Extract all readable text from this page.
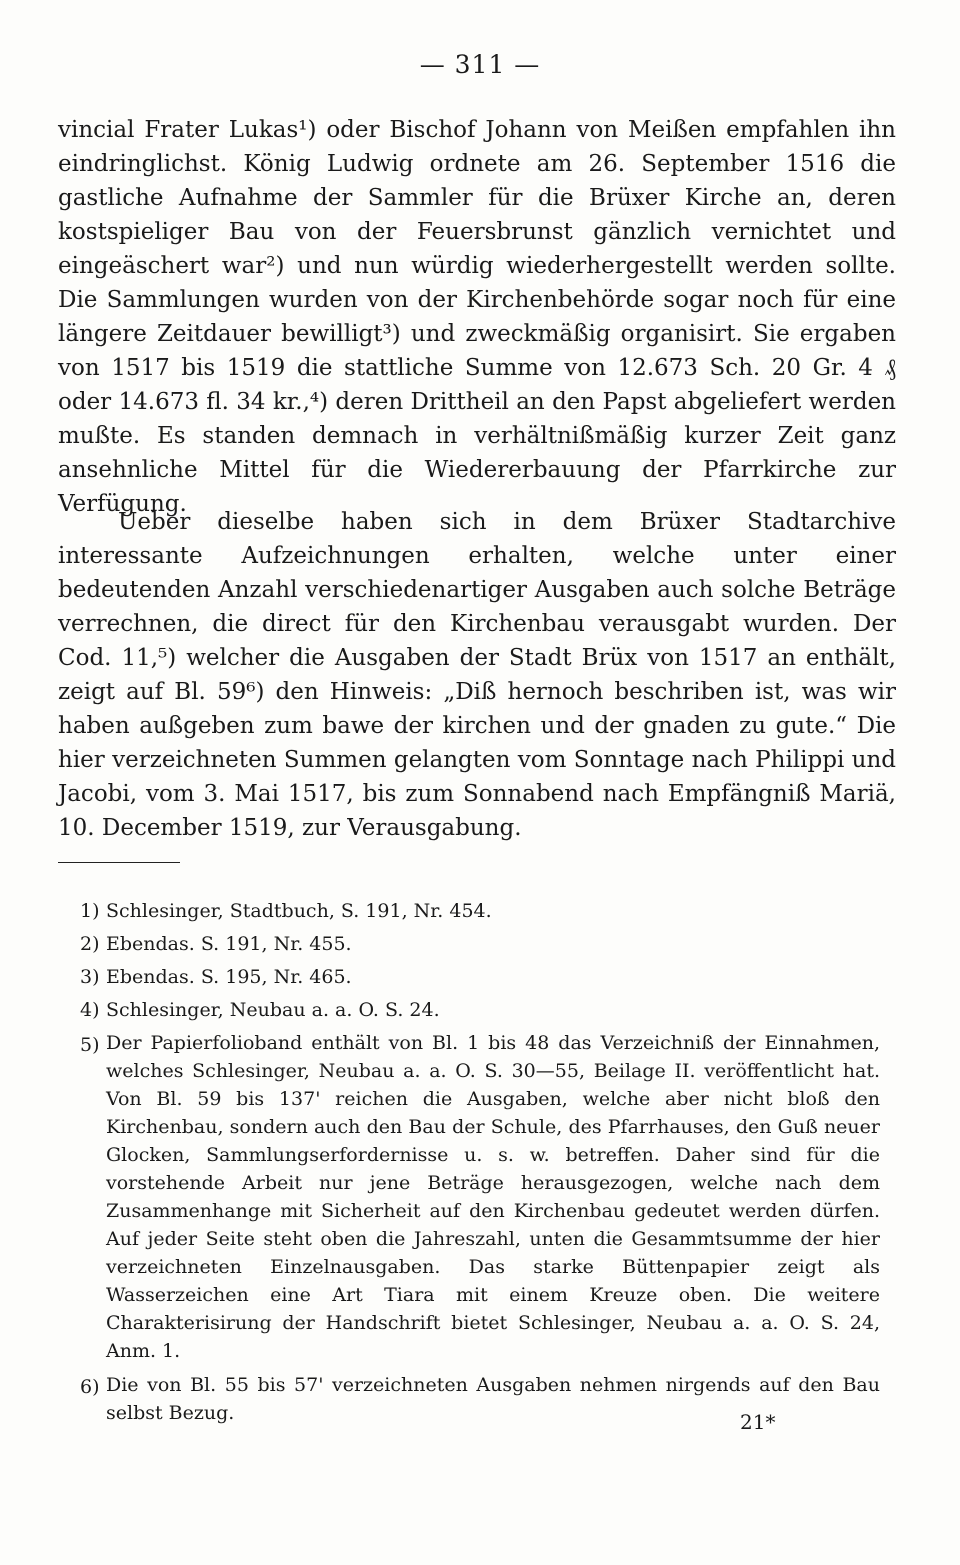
— 311 —

vincial Frater Lukas¹) oder Bischof Johann von Meißen empfahlen ihn eindringlichst. König Ludwig ordnete am 26. September 1516 die gastliche Aufnahme der Sammler für die Brüxer Kirche an, deren kostspieliger Bau von der Feuersbrunst gänzlich vernichtet und eingeäschert war²) und nun würdig wiederhergestellt werden sollte. Die Sammlungen wurden von der Kirchenbehörde sogar noch für eine längere Zeitdauer bewilligt³) und zweckmäßig organisirt. Sie ergaben von 1517 bis 1519 die stattliche Summe von 12.673 Sch. 20 Gr. 4 ₰ oder 14.673 fl. 34 kr.,⁴) deren Drittheil an den Papst abgeliefert werden mußte. Es standen demnach in verhältnißmäßig kurzer Zeit ganz ansehnliche Mittel für die Wiedererbauung der Pfarrkirche zur Verfügung.

Ueber dieselbe haben sich in dem Brüxer Stadtarchive interessante Aufzeichnungen erhalten, welche unter einer bedeutenden Anzahl verschiedenartiger Ausgaben auch solche Beträge verrechnen, die direct für den Kirchenbau verausgabt wurden. Der Cod. 11,⁵) welcher die Ausgaben der Stadt Brüx von 1517 an enthält, zeigt auf Bl. 59⁶) den Hinweis: „Diß hernoch beschriben ist, was wir haben außgeben zum bawe der kirchen und der gnaden zu gute.“ Die hier verzeichneten Summen gelangten vom Sonntage nach Philippi und Jacobi, vom 3. Mai 1517, bis zum Sonnabend nach Empfängniß Mariä, 10. December 1519, zur Verausgabung.

1) Schlesinger, Stadtbuch, S. 191, Nr. 454.
2) Ebendas. S. 191, Nr. 455.
3) Ebendas. S. 195, Nr. 465.
4) Schlesinger, Neubau a. a. O. S. 24.
5) Der Papierfolioband enthält von Bl. 1 bis 48 das Verzeichniß der Einnahmen, welches Schlesinger, Neubau a. a. O. S. 30—55, Beilage II. veröffentlicht hat. Von Bl. 59 bis 137' reichen die Ausgaben, welche aber nicht bloß den Kirchenbau, sondern auch den Bau der Schule, des Pfarrhauses, den Guß neuer Glocken, Sammlungserfordernisse u. s. w. betreffen. Daher sind für die vorstehende Arbeit nur jene Beträge herausgezogen, welche nach dem Zusammenhange mit Sicherheit auf den Kirchenbau gedeutet werden dürfen. Auf jeder Seite steht oben die Jahreszahl, unten die Gesammtsumme der hier verzeichneten Einzelnausgaben. Das starke Büttenpapier zeigt als Wasserzeichen eine Art Tiara mit einem Kreuze oben. Die weitere Charakterisirung der Handschrift bietet Schlesinger, Neubau a. a. O. S. 24, Anm. 1.
6) Die von Bl. 55 bis 57' verzeichneten Ausgaben nehmen nirgends auf den Bau selbst Bezug.	21*
